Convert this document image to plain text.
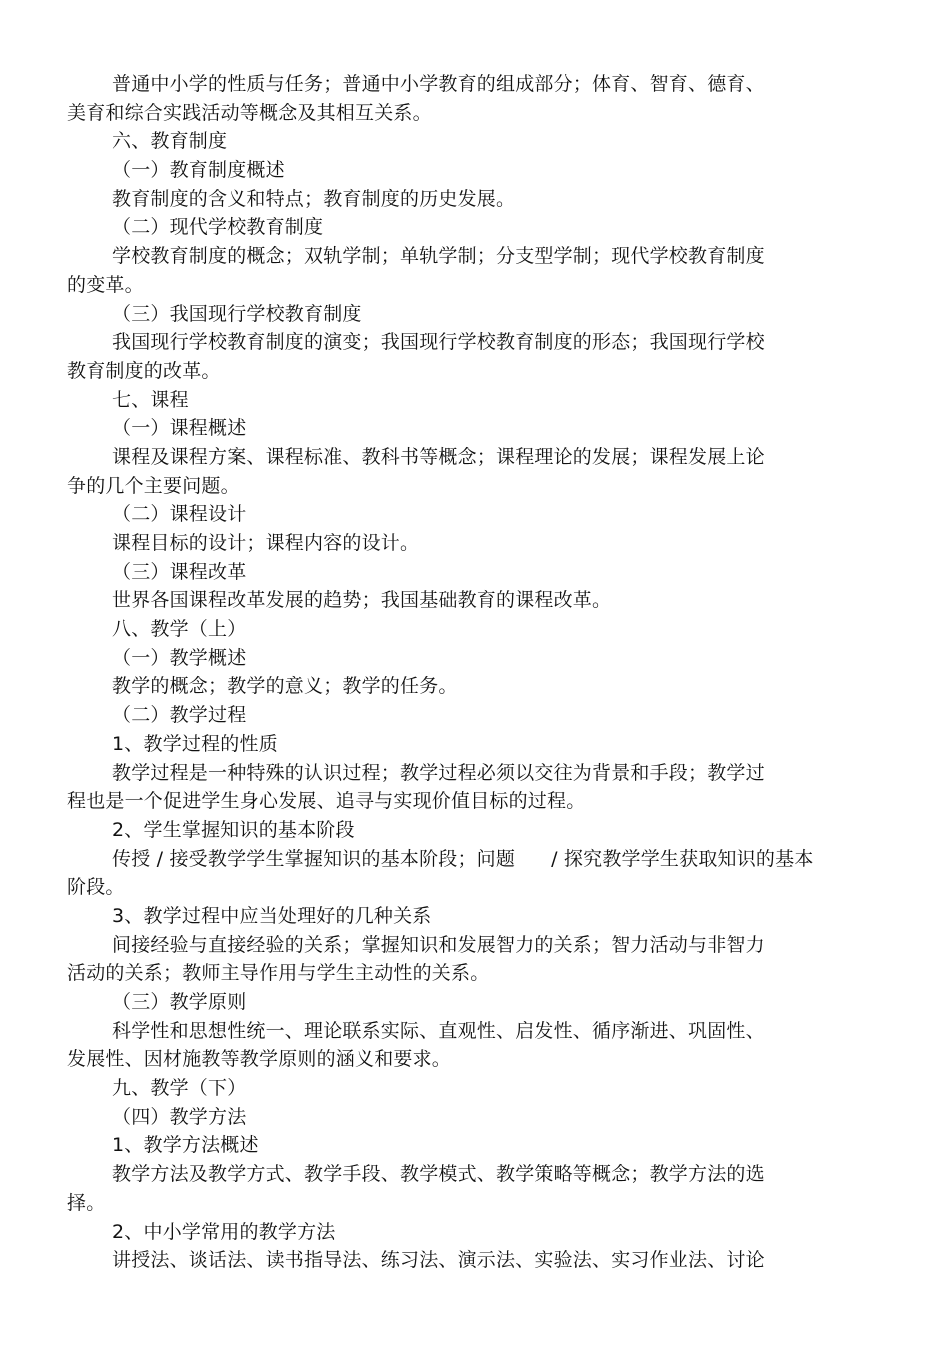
普通中小学的性质与任务；普通中小学教育的组成部分；体育、智育、德育、
美育和综合实践活动等概念及其相互关系。
六、教育制度
（一）教育制度概述
教育制度的含义和特点；教育制度的历史发展。
（二）现代学校教育制度
学校教育制度的概念；双轨学制；单轨学制；分支型学制；现代学校教育制度
的变革。
（三）我国现行学校教育制度
我国现行学校教育制度的演变；我国现行学校教育制度的形态；我国现行学校
教育制度的改革。
七、课程
（一）课程概述
课程及课程方案、课程标准、教科书等概念；课程理论的发展；课程发展上论
争的几个主要问题。
（二）课程设计
课程目标的设计；课程内容的设计。
（三）课程改革
世界各国课程改革发展的趋势；我国基础教育的课程改革。
八、教学（上）
（一）教学概述
教学的概念；教学的意义；教学的任务。
（二）教学过程
1、教学过程的性质
教学过程是一种特殊的认识过程；教学过程必须以交往为背景和手段；教学过
程也是一个促进学生身心发展、追寻与实现价值目标的过程。
2、学生掌握知识的基本阶段
传授 / 接受教学学生掌握知识的基本阶段；问题 / 探究教学学生获取知识的基本
阶段。
3、教学过程中应当处理好的几种关系
间接经验与直接经验的关系；掌握知识和发展智力的关系；智力活动与非智力
活动的关系；教师主导作用与学生主动性的关系。
（三）教学原则
科学性和思想性统一、理论联系实际、直观性、启发性、循序渐进、巩固性、
发展性、因材施教等教学原则的涵义和要求。
九、教学（下）
（四）教学方法
1、教学方法概述
教学方法及教学方式、教学手段、教学模式、教学策略等概念；教学方法的选
择。
2、中小学常用的教学方法
讲授法、谈话法、读书指导法、练习法、演示法、实验法、实习作业法、讨论
